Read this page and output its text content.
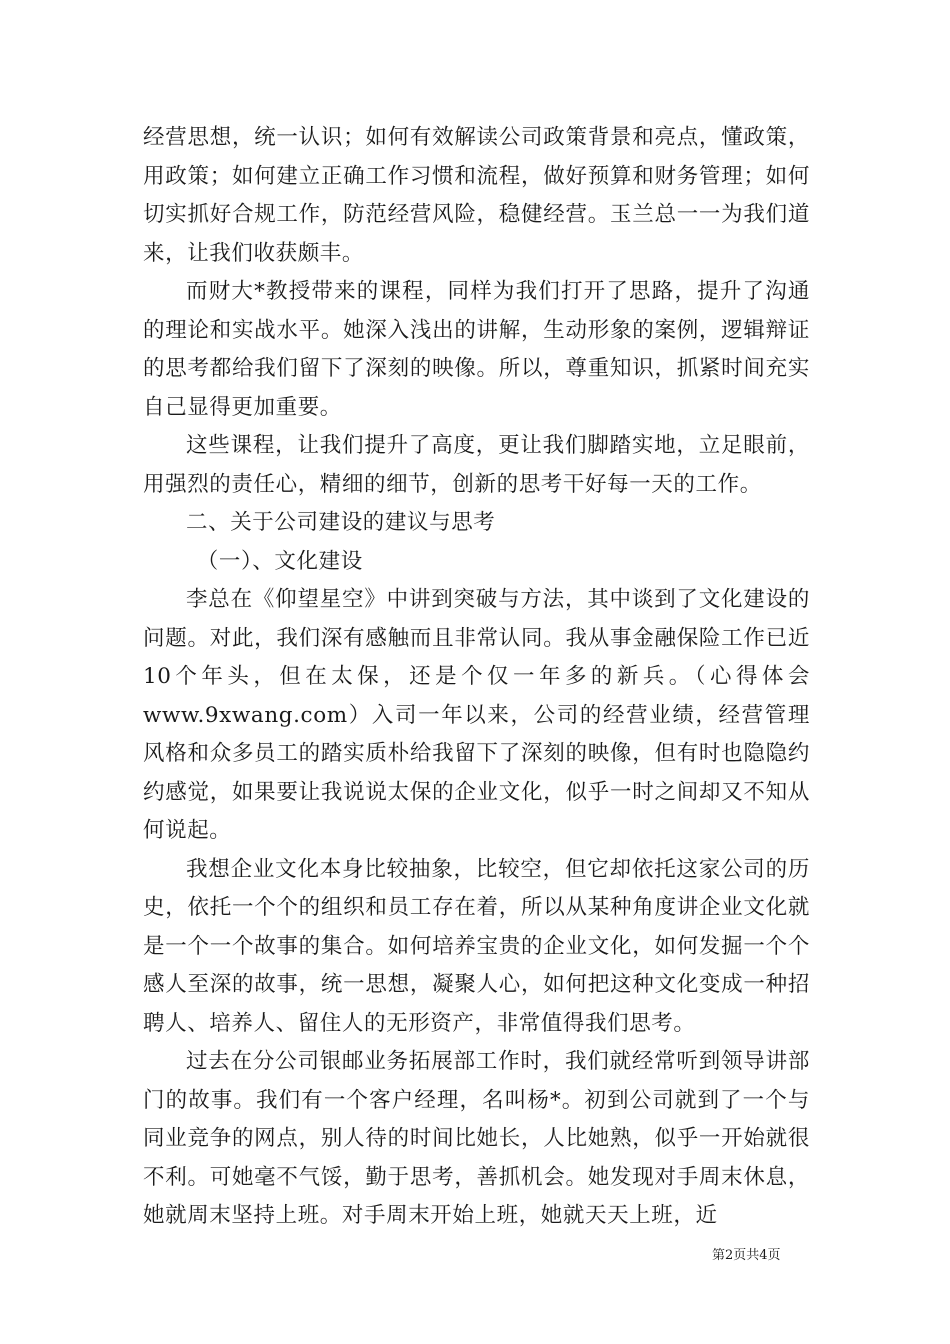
经营思想，统一认识；如何有效解读公司政策背景和亮点，懂政策，用政策；如何建立正确工作习惯和流程，做好预算和财务管理；如何切实抓好合规工作，防范经营风险，稳健经营。玉兰总一一为我们道来，让我们收获颇丰。

而财大*教授带来的课程，同样为我们打开了思路，提升了沟通的理论和实战水平。她深入浅出的讲解，生动形象的案例，逻辑辩证的思考都给我们留下了深刻的映像。所以，尊重知识，抓紧时间充实自己显得更加重要。

这些课程，让我们提升了高度，更让我们脚踏实地，立足眼前，用强烈的责任心，精细的细节，创新的思考干好每一天的工作。

二、关于公司建设的建议与思考

（一）、文化建设

李总在《仰望星空》中讲到突破与方法，其中谈到了文化建设的问题。对此，我们深有感触而且非常认同。我从事金融保险工作已近10个年头，但在太保，还是个仅一年多的新兵。（心得体会www.9xwang.com）入司一年以来，公司的经营业绩，经营管理风格和众多员工的踏实质朴给我留下了深刻的映像，但有时也隐隐约约感觉，如果要让我说说太保的企业文化，似乎一时之间却又不知从何说起。

我想企业文化本身比较抽象，比较空，但它却依托这家公司的历史，依托一个个的组织和员工存在着，所以从某种角度讲企业文化就是一个一个故事的集合。如何培养宝贵的企业文化，如何发掘一个个感人至深的故事，统一思想，凝聚人心，如何把这种文化变成一种招聘人、培养人、留住人的无形资产，非常值得我们思考。

过去在分公司银邮业务拓展部工作时，我们就经常听到领导讲部门的故事。我们有一个客户经理，名叫杨*。初到公司就到了一个与同业竞争的网点，别人待的时间比她长，人比她熟，似乎一开始就很不利。可她毫不气馁，勤于思考，善抓机会。她发现对手周末休息，她就周末坚持上班。对手周末开始上班，她就天天上班，近

第2页共4页
